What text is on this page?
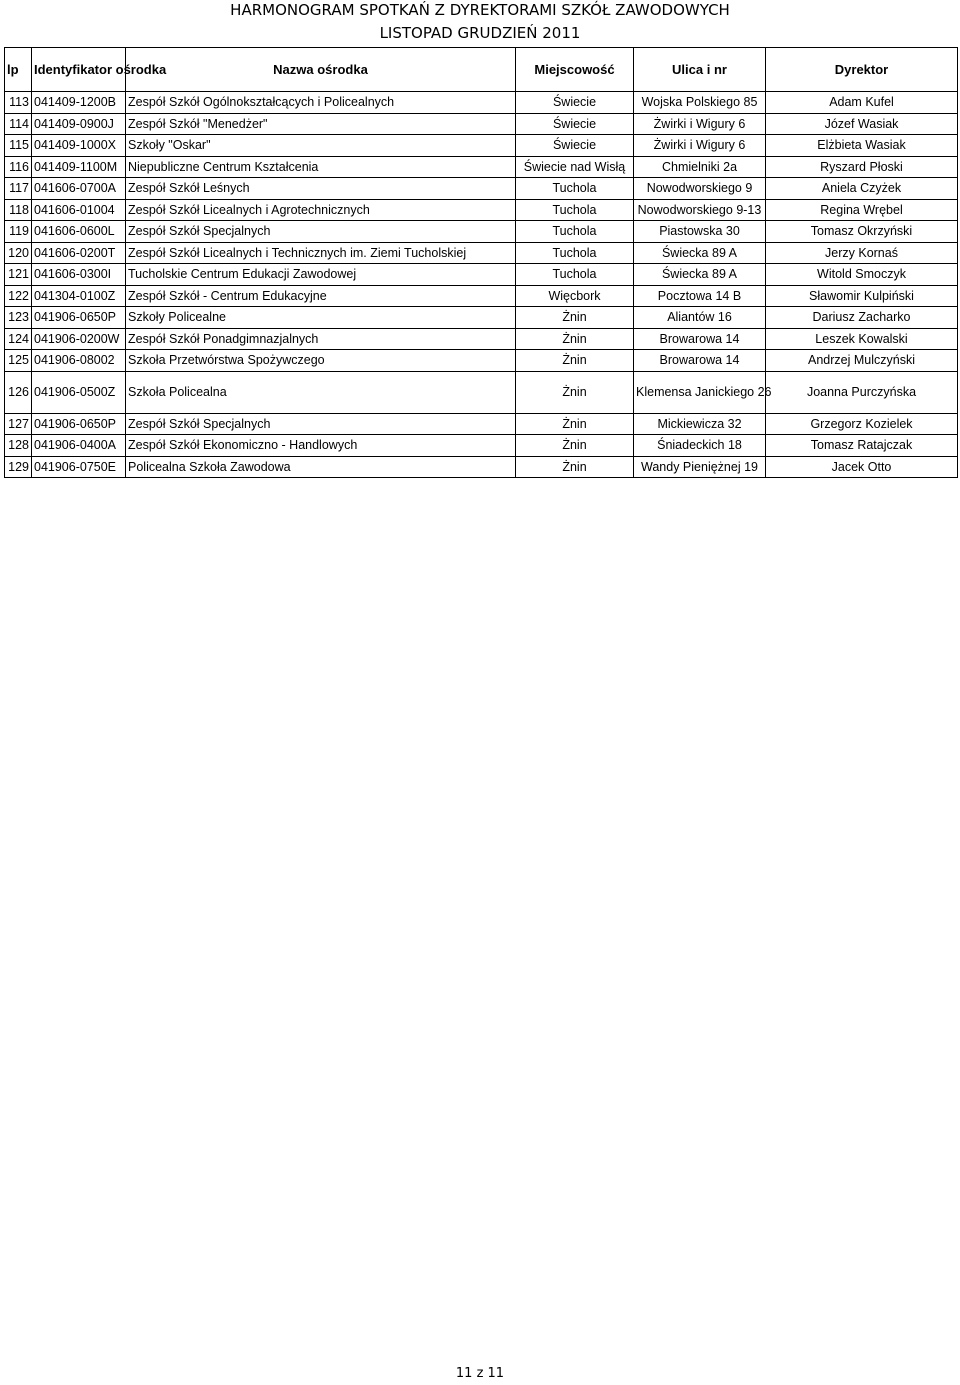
HARMONOGRAM SPOTKAŃ Z DYREKTORAMI SZKÓŁ ZAWODOWYCH
LISTOPAD GRUDZIEŃ 2011
lp	Identyfikator ośrodka	Nazwa ośrodka	Miejscowość	Ulica i nr	Dyrektor
113	041409-1200B	Zespół Szkół Ogólnokształcących i Policealnych	Świecie	Wojska Polskiego 85	Adam Kufel
114	041409-0900J	Zespół Szkół "Menedżer"	Świecie	Żwirki i Wigury 6	Józef Wasiak
115	041409-1000X	Szkoły "Oskar"	Świecie	Żwirki i Wigury 6	Elżbieta Wasiak
116	041409-1100M	Niepubliczne Centrum Kształcenia	Świecie nad Wisłą	Chmielniki 2a	Ryszard Płoski
117	041606-0700A	Zespół Szkół Leśnych	Tuchola	Nowodworskiego 9	Aniela Czyżek
118	041606-01004	Zespół Szkół Licealnych i Agrotechnicznych	Tuchola	Nowodworskiego 9-13	Regina Wrębel
119	041606-0600L	Zespół Szkół Specjalnych	Tuchola	Piastowska 30	Tomasz Okrzyński
120	041606-0200T	Zespół Szkół Licealnych i Technicznych im. Ziemi Tucholskiej	Tuchola	Świecka 89 A	Jerzy Kornaś
121	041606-0300I	Tucholskie Centrum Edukacji Zawodowej	Tuchola	Świecka 89 A	Witold Smoczyk
122	041304-0100Z	Zespół Szkół - Centrum Edukacyjne	Więcbork	Pocztowa 14 B	Sławomir Kulpiński
123	041906-0650P	Szkoły Policealne	Żnin	Aliantów 16	Dariusz Zacharko
124	041906-0200W	Zespół Szkół Ponadgimnazjalnych	Żnin	Browarowa 14	Leszek Kowalski
125	041906-08002	Szkoła Przetwórstwa Spożywczego	Żnin	Browarowa 14	Andrzej Mulczyński
126	041906-0500Z	Szkoła Policealna	Żnin	Klemensa Janickiego 26	Joanna Purczyńska
127	041906-0650P	Zespół Szkół Specjalnych	Żnin	Mickiewicza 32	Grzegorz Kozielek
128	041906-0400A	Zespół Szkół Ekonomiczno - Handlowych	Żnin	Śniadeckich 18	Tomasz Ratajczak
129	041906-0750E	Policealna Szkoła Zawodowa	Żnin	Wandy Pieniężnej 19	Jacek Otto
11 z 11
